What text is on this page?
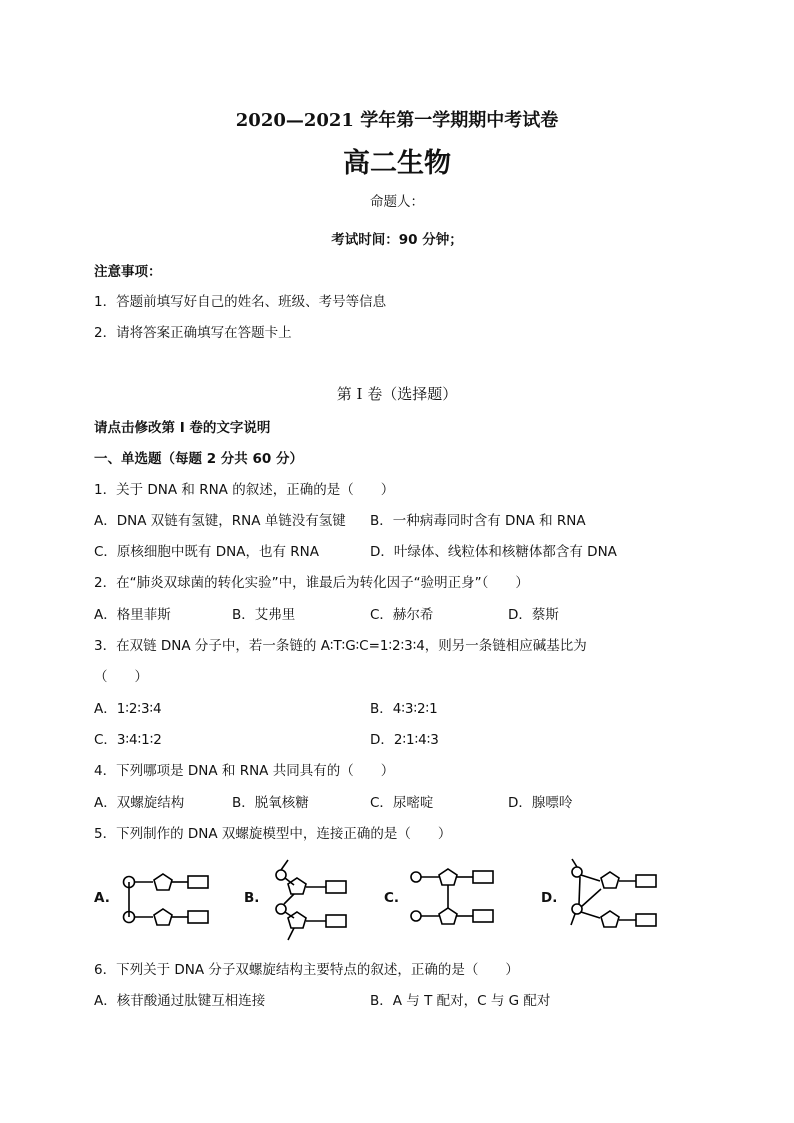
2020—2021 学年第一学期期中考试卷
高二生物
命题人：
考试时间：90 分钟；
注意事项：
1．答题前填写好自己的姓名、班级、考号等信息
2．请将答案正确填写在答题卡上
第 I 卷（选择题）
请点击修改第 I 卷的文字说明
一、单选题（每题 2 分共 60 分）
1．关于 DNA 和 RNA 的叙述，正确的是（　　）
A．DNA 双链有氢键，RNA 单链没有氢键 B．一种病毒同时含有 DNA 和 RNA
C．原核细胞中既有 DNA，也有 RNA	D．叶绿体、线粒体和核糖体都含有 DNA
2．在“肺炎双球菌的转化实验”中，谁最后为转化因子“验明正身”（　　）
A．格里菲斯	B．艾弗里	C．赫尔希	D．蔡斯
3．在双链 DNA 分子中，若一条链的 A∶T∶G∶C=1∶2∶3∶4，则另一条链相应碱基比为
（　　）
A．1∶2∶3∶4	B．4∶3∶2∶1
C．3∶4∶1∶2	D．2∶1∶4∶3
4．下列哪项是 DNA 和 RNA 共同具有的（　　）
A．双螺旋结构	B．脱氧核糖	C．尿嘧啶	D．腺嘌呤
5．下列制作的 DNA 双螺旋模型中，连接正确的是（　　）
A.	B.	C.	D.
6．下列关于 DNA 分子双螺旋结构主要特点的叙述，正确的是（　　）
A．核苷酸通过肽键互相连接	B．A 与 T 配对，C 与 G 配对
